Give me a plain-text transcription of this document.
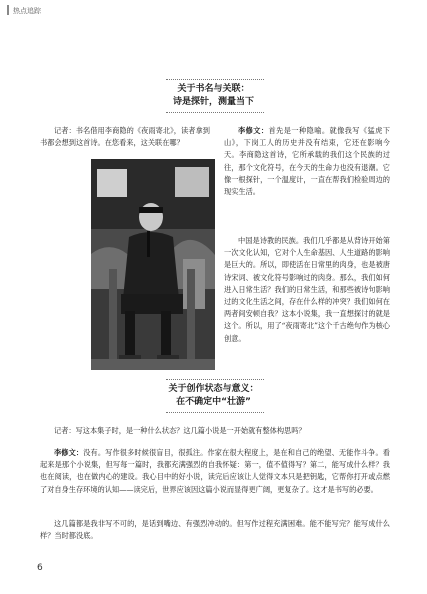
热点追踪
关于书名与关联：
诗是探针，测量当下

记者：书名借用李商隐的《夜雨寄北》，读者拿到书都会想到这首诗。在您看来，这关联在哪？

李修文：首先是一种隐喻。就像我写《猛虎下山》，下岗工人的历史并没有结束，它还在影响今天。李商隐这首诗，它所承载的我们这个民族的过往，那个文化符号，在今天的生命力也没有退潮。它像一根探针，一个温度计，一直在帮我们检验周边的现实生活。

中国是诗教的民族。我们几乎都是从背诗开始第一次文化认知，它对个人生命基因、人生道路的影响是巨大的。所以，即使活在日常里的肉身，也是被唐诗宋词、被文化符号影响过的肉身。那么，我们如何进入日常生活？我们的日常生活，和那些被诗句影响过的文化生活之间，存在什么样的冲突？我们如何在两者间安顿自我？这本小说集，我一直想探讨的就是这个。所以，用了“夜雨寄北”这个千古绝句作为核心创意。

关于创作状态与意义：
在不确定中“壮游”

记者：写这本集子时，是一种什么状态？这几篇小说是一开始就有整体构思吗？

李修文：没有。写作很多时候很盲目，很孤注。作家在很大程度上，是在和自己的绝望、无能作斗争。看起来是那个小说集，但写每一篇时，我都充满强烈的自我怀疑：第一，值不值得写？第二，能写成什么样？我也在阅读，也在做内心的建设。我心目中的好小说，读完后应该让人觉得文本只是把钥匙，它帮你打开或点燃了对自身生存环境的认知——读完后，世界应该因这篇小说而显得更广阔，更复杂了。这才是书写的必要。

这几篇都是我非写不可的，是话到嘴边、有强烈冲动的。但写作过程充满困难。能不能写完？能写成什么样？当时都没底。

6
